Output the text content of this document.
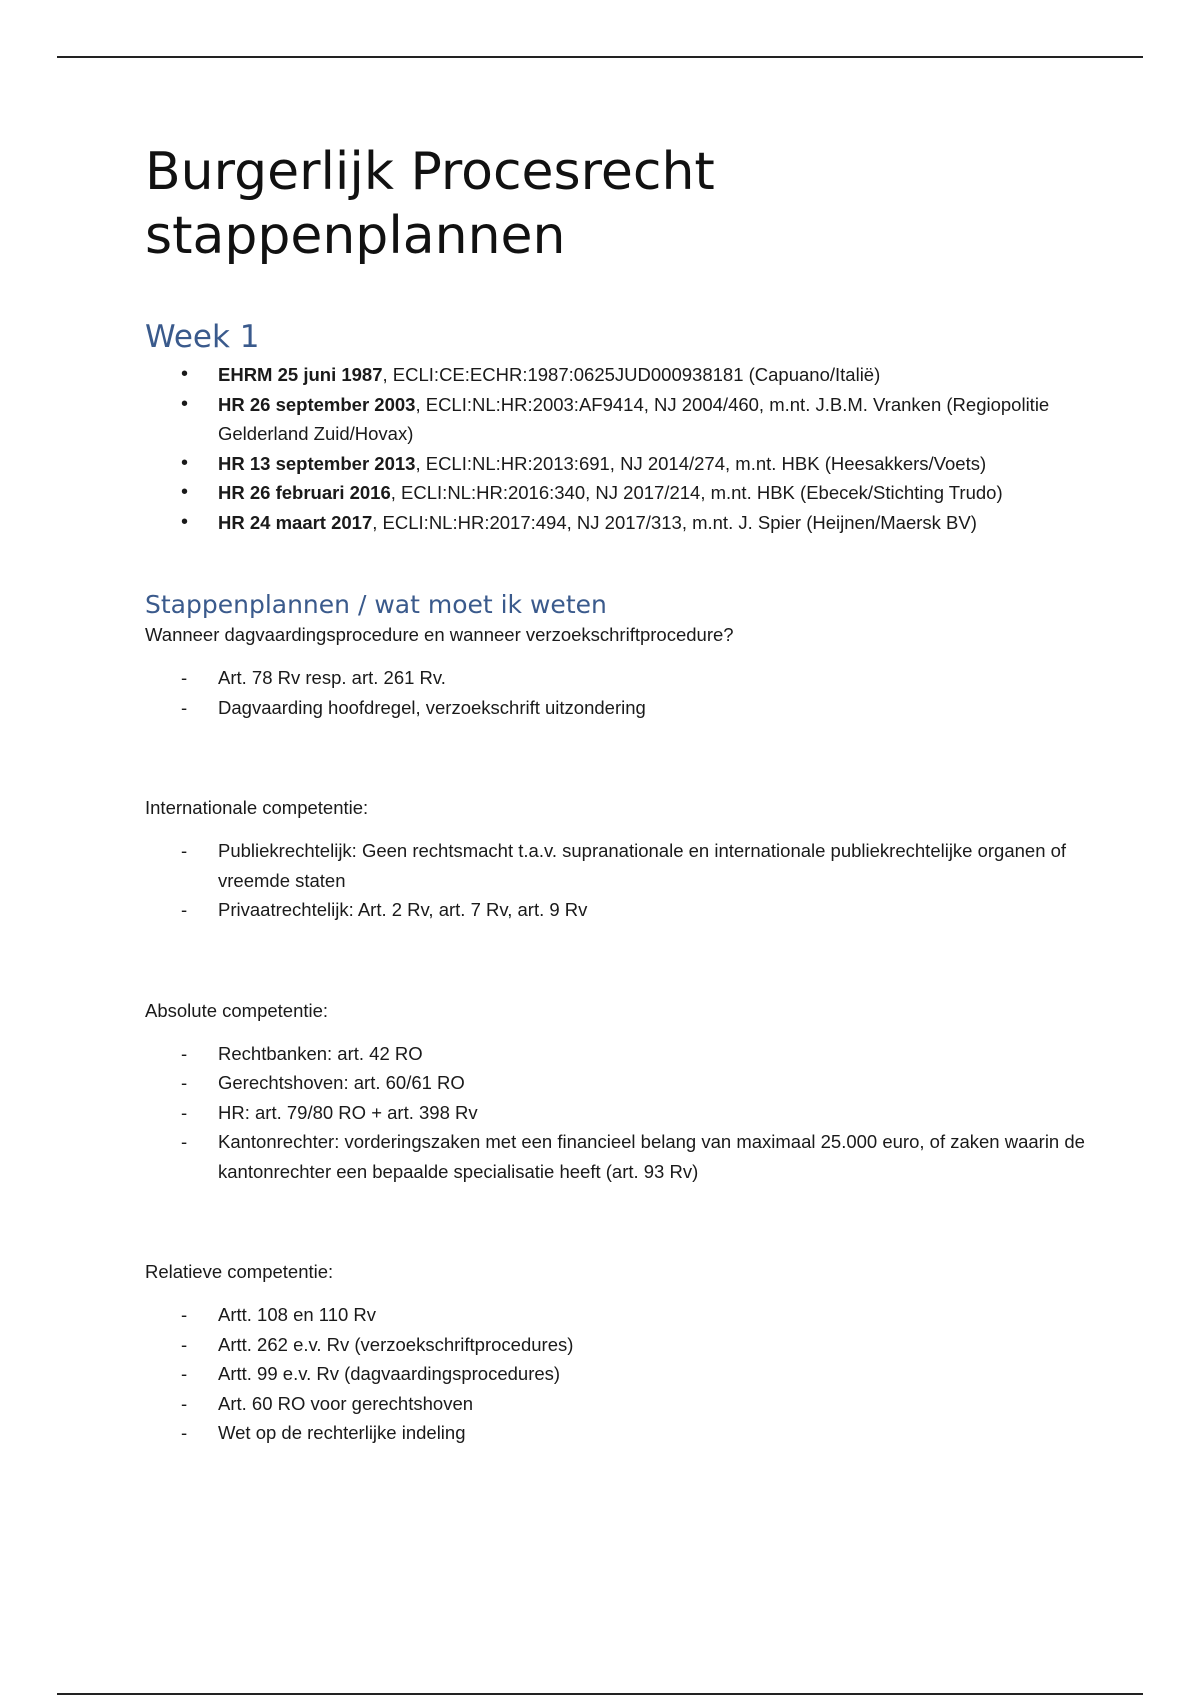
Burgerlijk Procesrecht stappenplannen
Week 1
• EHRM 25 juni 1987, ECLI:CE:ECHR:1987:0625JUD000938181 (Capuano/Italië)
• HR 26 september 2003, ECLI:NL:HR:2003:AF9414, NJ 2004/460, m.nt. J.B.M. Vranken (Regiopolitie Gelderland Zuid/Hovax)
• HR 13 september 2013, ECLI:NL:HR:2013:691, NJ 2014/274, m.nt. HBK (Heesakkers/Voets)
• HR 26 februari 2016, ECLI:NL:HR:2016:340, NJ 2017/214, m.nt. HBK (Ebecek/Stichting Trudo)
• HR 24 maart 2017, ECLI:NL:HR:2017:494, NJ 2017/313, m.nt. J. Spier (Heijnen/Maersk BV)
Stappenplannen / wat moet ik weten

Wanneer dagvaardingsprocedure en wanneer verzoekschriftprocedure?

- Art. 78 Rv resp. art. 261 Rv.
- Dagvaarding hoofdregel, verzoekschrift uitzondering

Internationale competentie:

- Publiekrechtelijk: Geen rechtsmacht t.a.v. supranationale en internationale publiekrechtelijke organen of vreemde staten
- Privaatrechtelijk: Art. 2 Rv, art. 7 Rv, art. 9 Rv

Absolute competentie:

- Rechtbanken: art. 42 RO
- Gerechtshoven: art. 60/61 RO
- HR: art. 79/80 RO + art. 398 Rv
- Kantonrechter: vorderingszaken met een financieel belang van maximaal 25.000 euro, of zaken waarin de kantonrechter een bepaalde specialisatie heeft (art. 93 Rv)

Relatieve competentie:

- Artt. 108 en 110 Rv
- Artt. 262 e.v. Rv (verzoekschriftprocedures)
- Artt. 99 e.v. Rv (dagvaardingsprocedures)
- Art. 60 RO voor gerechtshoven
- Wet op de rechterlijke indeling
